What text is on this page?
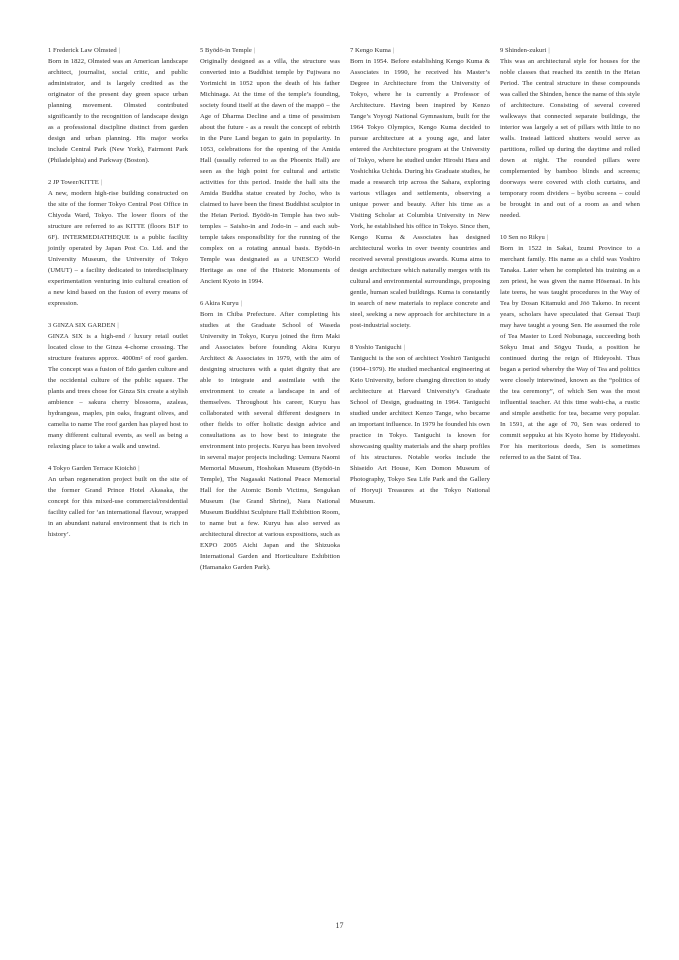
1 Frederick Law Olmsted |

Born in 1822, Olmsted was an American landscape architect, journalist, social critic, and public administrator, and is largely credited as the originator of the present day green space urban planning movement. Olmsted contributed significantly to the recognition of landscape design as a professional discipline distinct from garden design and urban planning. His major works include Central Park (New York), Fairmont Park (Philadelphia) and Parkway (Boston).

2 JP Tower/KITTE |

A new, modern high-rise building constructed on the site of the former Tokyo Central Post Office in Chiyoda Ward, Tokyo. The lower floors of the structure are referred to as KITTE (floors B1F to 6F). INTERMEDIATHEQUE is a public facility jointly operated by Japan Post Co. Ltd. and the University Museum, the University of Tokyo (UMUT) – a facility dedicated to interdisciplinary experimentation venturing into cultural creation of a new kind based on the fusion of every means of expression.

3 GINZA SIX GARDEN |

GINZA SIX is a high-end / luxury retail outlet located close to the Ginza 4-chome crossing. The structure features approx. 4000m² of roof garden. The concept was a fusion of Edo garden culture and the occidental culture of the public square. The plants and trees chose for Ginza Six create a stylish ambience – sakura cherry blossoms, azaleas, hydrangeas, maples, pin oaks, fragrant olives, and camelia to name The roof garden has played host to many different cultural events, as well as being a relaxing place to take a walk and unwind.

4 Tokyo Garden Terrace Kioichō |

An urban regeneration project built on the site of the former Grand Prince Hotel Akasaka, the concept for this mixed-use commercial/residential facility called for ‘an international flavour, wrapped in an abundant natural environment that is rich in history’.

5 Byōdō-in Temple |

Originally designed as a villa, the structure was converted into a Buddhist temple by Fujiwara no Yorimichi in 1052 upon the death of his father Michinaga. At the time of the temple’s founding, society found itself at the dawn of the mappō – the Age of Dharma Decline and a time of pessimism about the future - as a result the concept of rebirth in the Pure Land began to gain in popularity. In 1053, celebrations for the opening of the Amida Hall (usually referred to as the Phoenix Hall) are seen as the high point for cultural and artistic activities for this period. Inside the hall sits the Amida Buddha statue created by Jocho, who is claimed to have been the finest Buddhist sculptor in the Heian Period. Byōdō-in Temple has two sub-temples – Saisho-in and Jodo-in – and each sub-temple takes responsibility for the running of the complex on a rotating annual basis. Byōdō-in Temple was designated as a UNESCO World Heritage as one of the Historic Monuments of Ancient Kyoto in 1994.

6 Akira Kuryu |

Born in Chiba Prefecture. After completing his studies at the Graduate School of Waseda University in Tokyo, Kuryu joined the firm Maki and Associates before founding Akira Kuryu Architect & Associates in 1979, with the aim of designing structures with a quiet dignity that are able to integrate and assimilate with the environment to create a landscape in and of themselves. Throughout his career, Kuryu has collaborated with several different designers in other fields to offer holistic design advice and consultations as to how best to integrate the environment into projects. Kuryu has been involved in several major projects including: Uemura Naomi Memorial Museum, Hoshokan Museum (Byōdō-in Temple), The Nagasaki National Peace Memorial Hall for the Atomic Bomb Victims, Sengukan Museum (Ise Grand Shrine), Nara National Museum Buddhist Sculpture Hall Exhibition Room, to name but a few. Kuryu has also served as architectural director at various expositions, such as EXPO 2005 Aichi Japan and the Shizuoka International Garden and Horticulture Exhibition (Hamanako Garden Park).

7 Kengo Kuma |

Born in 1954. Before establishing Kengo Kuma & Associates in 1990, he received his Master’s Degree in Architecture from the University of Tokyo, where he is currently a Professor of Architecture. Having been inspired by Kenzo Tange’s Yoyogi National Gymnasium, built for the 1964 Tokyo Olympics, Kengo Kuma decided to pursue architecture at a young age, and later entered the Architecture program at the University of Tokyo, where he studied under Hiroshi Hara and Yoshichika Uchida. During his Graduate studies, he made a research trip across the Sahara, exploring various villages and settlements, observing a unique power and beauty. After his time as a Visiting Scholar at Columbia University in New York, he established his office in Tokyo. Since then, Kengo Kuma & Associates has designed architectural works in over twenty countries and received several prestigious awards. Kuma aims to design architecture which naturally merges with its cultural and environmental surroundings, proposing gentle, human scaled buildings. Kuma is constantly in search of new materials to replace concrete and steel, seeking a new approach for architecture in a post-industrial society.

8 Yoshio Taniguchi |

Taniguchi is the son of architect Yoshirō Taniguchi (1904–1979). He studied mechanical engineering at Keio University, before changing direction to study architecture at Harvard University’s Graduate School of Design, graduating in 1964. Taniguchi studied under architect Kenzo Tange, who became an important influence. In 1979 he founded his own practice in Tokyo. Taniguchi is known for showcasing quality materials and the sharp profiles of his structures. Notable works include the Shiseido Art House, Ken Domon Museum of Photography, Tokyo Sea Life Park and the Gallery of Horyuji Treasures at the Tokyo National Museum.

9 Shinden-zukuri |

This was an architectural style for houses for the noble classes that reached its zenith in the Heian Period. The central structure in these compounds was called the Shinden, hence the name of this style of architecture. Consisting of several covered walkways that connected separate buildings, the interior was largely a set of pillars with little to no walls. Instead latticed shutters would serve as partitions, rolled up during the daytime and rolled down at night. The rounded pillars were complemented by bamboo blinds and screens; doorways were covered with cloth curtains, and temporary room dividers – byōbu screens – could be brought in and out of a room as and when needed.

10 Sen no Rikyu |

Born in 1522 in Sakai, Izumi Province to a merchant family. His name as a child was Yoshiro Tanaka. Later when he completed his training as a zen priest, he was given the name Hōsensai. In his late teens, he was taught procedures in the Way of Tea by Dosan Kitamuki and Jōō Takeno. In recent years, scholars have speculated that Gensai Tsuji may have taught a young Sen. He assumed the role of Tea Master to Lord Nobunaga, succeeding both Sōkyu Imai and Sōgyu Tsuda, a position he continued during the reign of Hideyoshi. Thus began a period whereby the Way of Tea and politics were closely interwined, known as the “politics of the tea ceremony”, of which Sen was the most influential teacher. At this time wabi-cha, a rustic and simple aesthetic for tea, became very popular. In 1591, at the age of 70, Sen was ordered to commit seppuku at his Kyoto home by Hideyoshi. For his meritorious deeds, Sen is sometimes referred to as the Saint of Tea.

17
